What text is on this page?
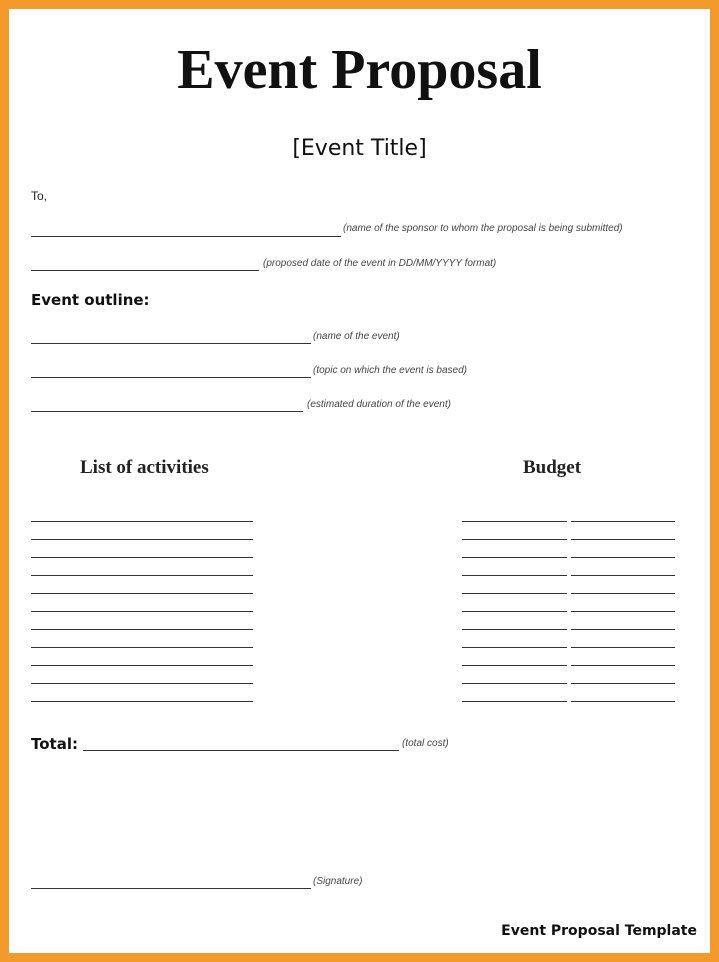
Event Proposal
[Event Title]
To,
(name of the sponsor to whom the proposal is being submitted)
(proposed date of the event in DD/MM/YYYY format)
Event outline:
(name of the event)
(topic on which the event is based)
(estimated duration of the event)
List of activities	Budget
Total:	(total cost)
(Signature)
Event Proposal Template
